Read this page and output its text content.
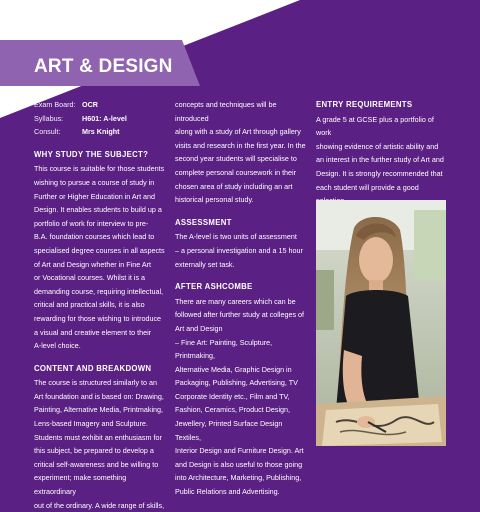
ART & DESIGN
Exam Board: OCR
Syllabus:	H601: A-level
Consult:	Mrs Knight
WHY STUDY THE SUBJECT?

This course is suitable for those students
wishing to pursue a course of study in
Further or Higher Education in Art and
Design. It enables students to build up a
portfolio of work for interview to pre-
B.A. foundation courses which lead to
specialised degree courses in all aspects
of Art and Design whether in Fine Art
or Vocational courses. Whilst it is a
demanding course, requiring intellectual,
critical and practical skills, it is also
rewarding for those wishing to introduce
a visual and creative element to their
A-level choice.

CONTENT AND BREAKDOWN

The course is structured similarly to an
Art foundation and is based on: Drawing,
Painting, Alternative Media, Printmaking,
Lens-based Imagery and Sculpture.
Students must exhibit an enthusiasm for
this subject, be prepared to develop a
critical self-awareness and be willing to
experiment; make something extraordinary
out of the ordinary. A wide range of skills,

concepts and techniques will be introduced
along with a study of Art through gallery
visits and research in the first year. In the
second year students will specialise to
complete personal coursework in their
chosen area of study including an art
historical personal study.

ASSESSMENT

The A-level is two units of assessment
– a personal investigation and a 15 hour
externally set task.

AFTER ASHCOMBE

There are many careers which can be
followed after further study at colleges of
Art and Design
– Fine Art: Painting, Sculpture, Printmaking,
Alternative Media, Graphic Design in
Packaging, Publishing, Advertising, TV
Corporate Identity etc., Film and TV,
Fashion, Ceramics, Product Design,
Jewellery, Printed Surface Design Textiles,
Interior Design and Furniture Design. Art
and Design is also useful to those going
into Architecture, Marketing, Publishing,
Public Relations and Advertising.

ENTRY REQUIREMENTS

A grade 5 at GCSE plus a portfolio of work
showing evidence of artistic ability and
an interest in the further study of Art and
Design. It is strongly recommended that
each student will provide a good
